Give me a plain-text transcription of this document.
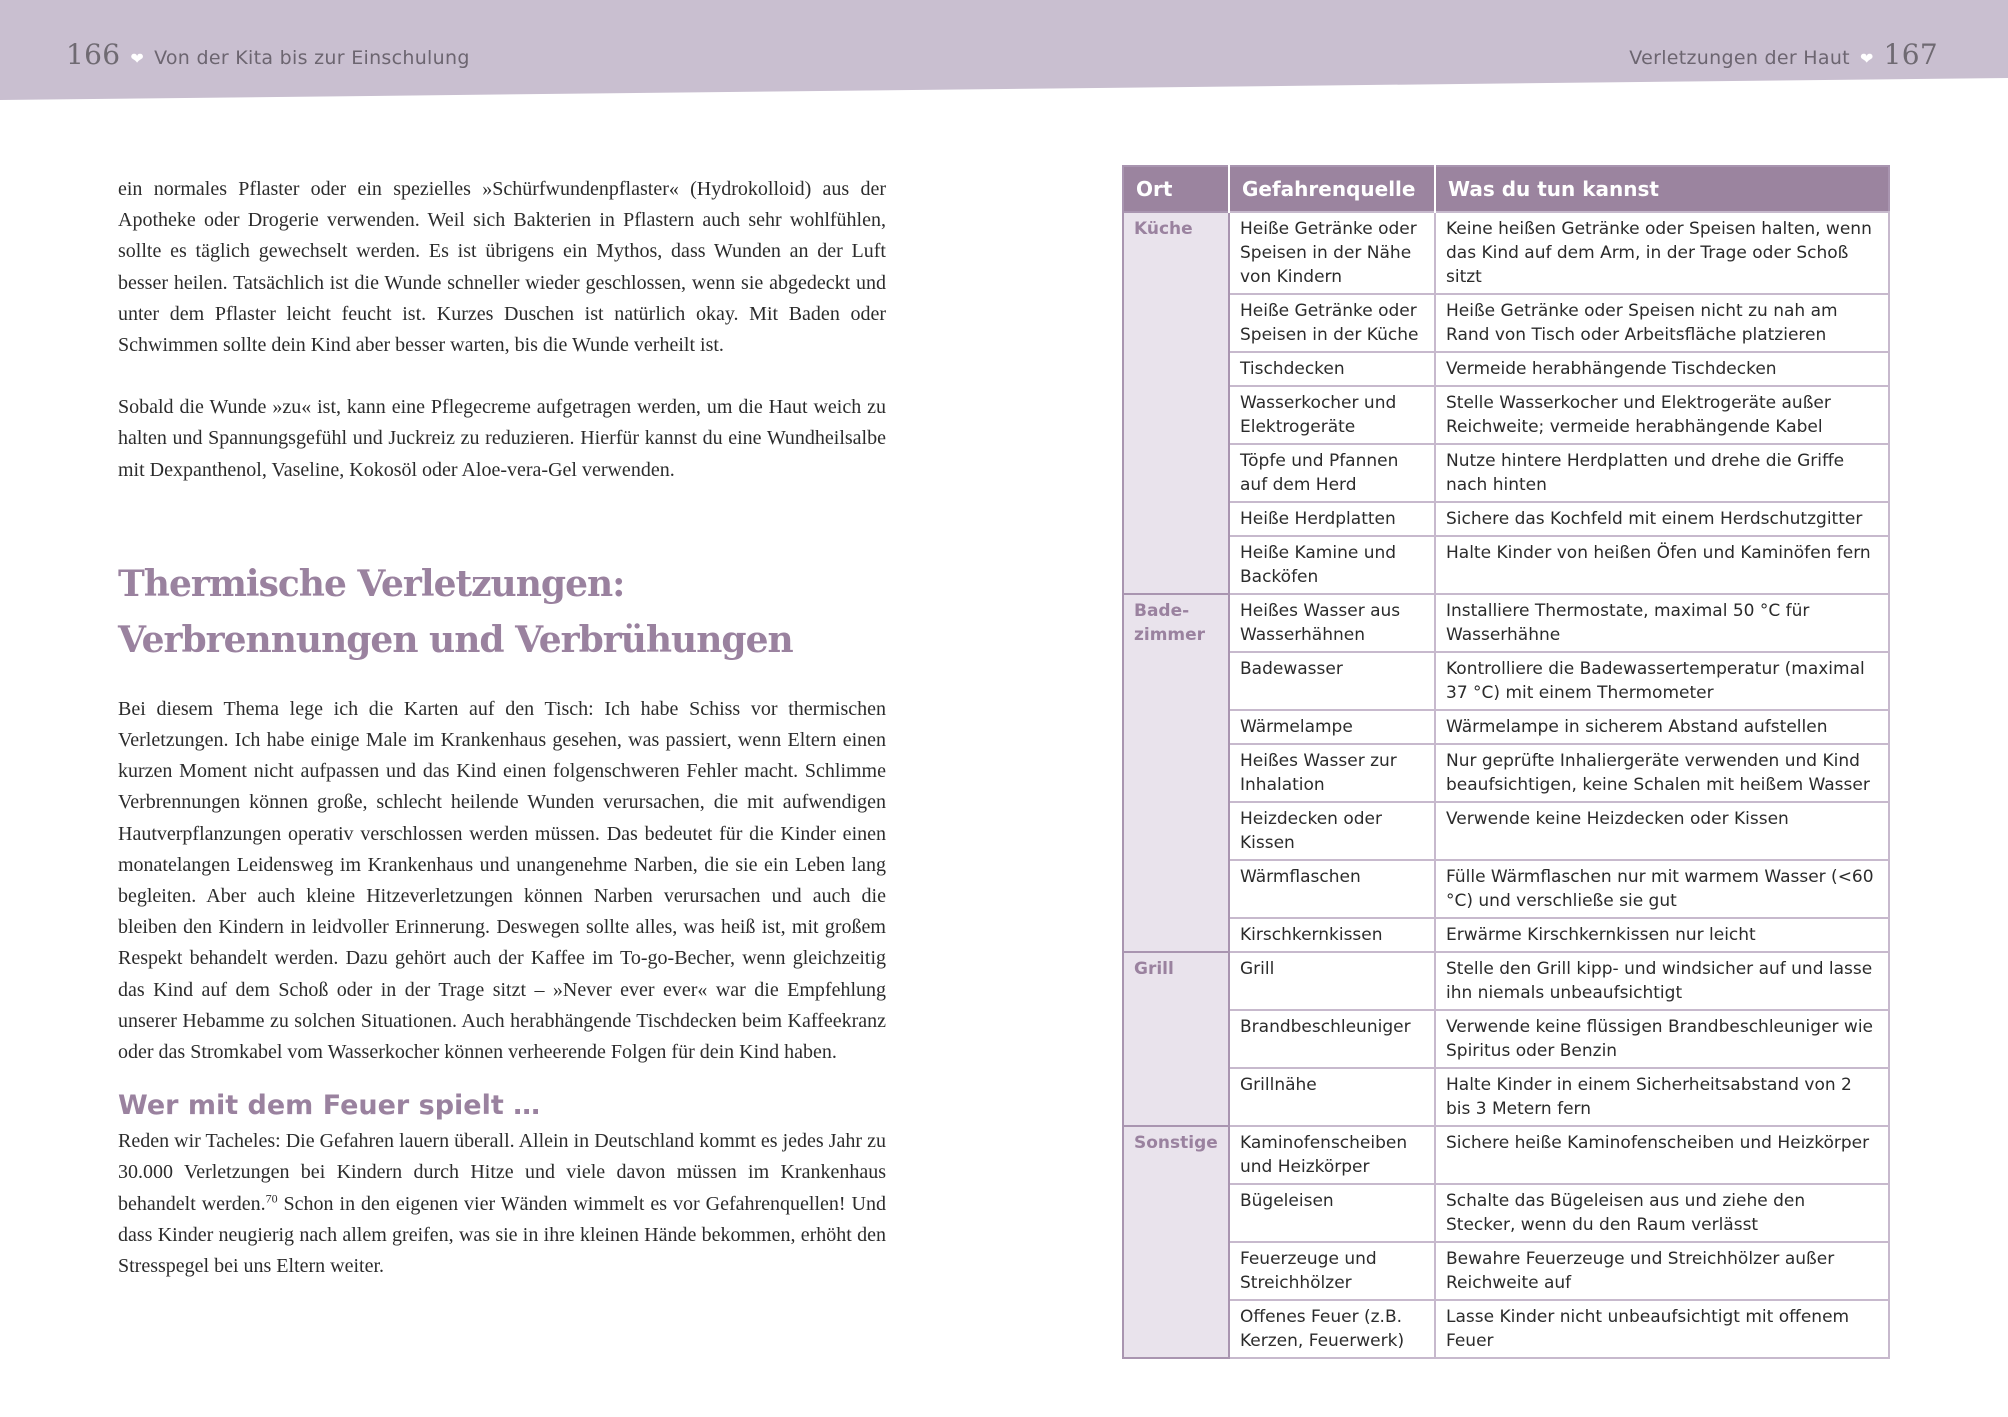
166 ❤ Von der Kita bis zur Einschulung	Verletzungen der Haut ❤ 167

ein normales Pflaster oder ein spezielles »Schürfwundenpflaster« (Hydrokolloid) aus der Apotheke oder Drogerie verwenden. Weil sich Bakterien in Pflastern auch sehr wohlfühlen, sollte es täglich gewechselt werden. Es ist übrigens ein Mythos, dass Wunden an der Luft besser heilen. Tatsächlich ist die Wunde schneller wieder geschlossen, wenn sie abgedeckt und unter dem Pflaster leicht feucht ist. Kurzes Duschen ist natürlich okay. Mit Baden oder Schwimmen sollte dein Kind aber besser warten, bis die Wunde verheilt ist.

Sobald die Wunde »zu« ist, kann eine Pflegecreme aufgetragen werden, um die Haut weich zu halten und Spannungsgefühl und Juckreiz zu reduzieren. Hierfür kannst du eine Wundheilsalbe mit Dexpanthenol, Vaseline, Kokosöl oder Aloe-vera-Gel verwenden.

Thermische Verletzungen:
Verbrennungen und Verbrühungen

Bei diesem Thema lege ich die Karten auf den Tisch: Ich habe Schiss vor thermischen Verletzungen. Ich habe einige Male im Krankenhaus gesehen, was passiert, wenn Eltern einen kurzen Moment nicht aufpassen und das Kind einen folgenschweren Fehler macht. Schlimme Verbrennungen können große, schlecht heilende Wunden verursachen, die mit aufwendigen Hautverpflanzungen operativ verschlossen werden müssen. Das bedeutet für die Kinder einen monatelangen Leidensweg im Krankenhaus und unangenehme Narben, die sie ein Leben lang begleiten. Aber auch kleine Hitzeverletzungen können Narben verursachen und auch die bleiben den Kindern in leidvoller Erinnerung. Deswegen sollte alles, was heiß ist, mit großem Respekt behandelt werden. Dazu gehört auch der Kaffee im To-go-Becher, wenn gleichzeitig das Kind auf dem Schoß oder in der Trage sitzt – »Never ever ever« war die Empfehlung unserer Hebamme zu solchen Situationen. Auch herabhängende Tischdecken beim Kaffeekranz oder das Stromkabel vom Wasserkocher können verheerende Folgen für dein Kind haben.

Wer mit dem Feuer spielt …

Reden wir Tacheles: Die Gefahren lauern überall. Allein in Deutschland kommt es jedes Jahr zu 30.000 Verletzungen bei Kindern durch Hitze und viele davon müssen im Krankenhaus behandelt werden.$^{70}$ Schon in den eigenen vier Wänden wimmelt es vor Gefahrenquellen! Und dass Kinder neugierig nach allem greifen, was sie in ihre kleinen Hände bekommen, erhöht den Stresspegel bei uns Eltern weiter.

Ort	Gefahrenquelle	Was du tun kannst
Küche	Heiße Getränke oder Speisen in der Nähe von Kindern	Keine heißen Getränke oder Speisen halten, wenn das Kind auf dem Arm, in der Trage oder Schoß sitzt
	Heiße Getränke oder Speisen in der Küche	Heiße Getränke oder Speisen nicht zu nah am Rand von Tisch oder Arbeitsfläche platzieren
	Tischdecken	Vermeide herabhängende Tischdecken
	Wasserkocher und Elektrogeräte	Stelle Wasserkocher und Elektrogeräte außer Reichweite; vermeide herabhängende Kabel
	Töpfe und Pfannen auf dem Herd	Nutze hintere Herdplatten und drehe die Griffe nach hinten
	Heiße Herdplatten	Sichere das Kochfeld mit einem Herdschutzgitter
	Heiße Kamine und Backöfen	Halte Kinder von heißen Öfen und Kaminöfen fern
Bade-zimmer	Heißes Wasser aus Wasserhähnen	Installiere Thermostate, maximal 50 °C für Wasserhähne
	Badewasser	Kontrolliere die Badewassertemperatur (maximal 37 °C) mit einem Thermometer
	Wärmelampe	Wärmelampe in sicherem Abstand aufstellen
	Heißes Wasser zur Inhalation	Nur geprüfte Inhaliergeräte verwenden und Kind beaufsichtigen, keine Schalen mit heißem Wasser
	Heizdecken oder Kissen	Verwende keine Heizdecken oder Kissen
	Wärmflaschen	Fülle Wärmflaschen nur mit warmem Wasser (<60 °C) und verschließe sie gut
	Kirschkernkissen	Erwärme Kirschkernkissen nur leicht
Grill	Grill	Stelle den Grill kipp- und windsicher auf und lasse ihn niemals unbeaufsichtigt
	Brandbeschleuniger	Verwende keine flüssigen Brandbeschleuniger wie Spiritus oder Benzin
	Grillnähe	Halte Kinder in einem Sicherheitsabstand von 2 bis 3 Metern fern
Sonstige	Kaminofenscheiben und Heizkörper	Sichere heiße Kaminofenscheiben und Heizkörper
	Bügeleisen	Schalte das Bügeleisen aus und ziehe den Stecker, wenn du den Raum verlässt
	Feuerzeuge und Streichhölzer	Bewahre Feuerzeuge und Streichhölzer außer Reichweite auf
	Offenes Feuer (z.B. Kerzen, Feuerwerk)	Lasse Kinder nicht unbeaufsichtigt mit offenem Feuer
